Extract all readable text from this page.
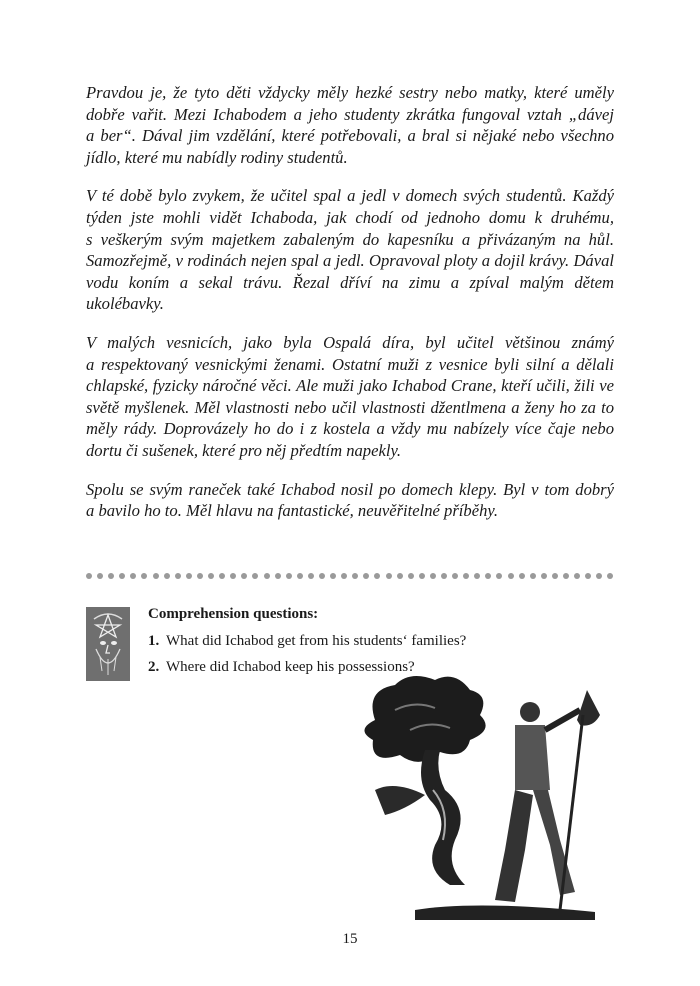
Pravdou je, že tyto děti vždycky měly hezké sestry nebo matky, které uměly
dobře vařit. Mezi Ichabodem a jeho studenty zkrátka fungoval vztah „dávej
a ber“. Dával jim vzdělání, které potřebovali, a bral si nějaké nebo všechno
jídlo, které mu nabídly rodiny studentů.

V té době bylo zvykem, že učitel spal a jedl v domech svých studentů. Každý
týden jste mohli vidět Ichaboda, jak chodí od jednoho domu k druhému,
s veškerým svým majetkem zabaleným do kapesníku a přivázaným na hůl.
Samozřejmě, v rodinách nejen spal a jedl. Opravoval ploty a dojil krávy. Dával
vodu koním a sekal trávu. Řezal dříví na zimu a zpíval malým dětem
ukolébavky.

V malých vesnicích, jako byla Ospalá díra, byl učitel většinou známý
a respektovaný vesnickými ženami. Ostatní muži z vesnice byli silní a dělali
chlapské, fyzicky náročné věci. Ale muži jako Ichabod Crane, kteří učili, žili ve
světě myšlenek. Měl vlastnosti nebo učil vlastnosti džentlmena a ženy ho za to
měly rády. Doprovázely ho do i z kostela a vždy mu nabízely více čaje nebo
dortu či sušenek, které pro něj předtím napekly.

Spolu se svým raneček také Ichabod nosil po domech klepy. Byl v tom dobrý
a bavilo ho to. Měl hlavu na fantastické, neuvěřitelné příběhy.

Comprehension questions:
1. What did Ichabod get from his students‘ families?
2. Where did Ichabod keep his possessions?
15
